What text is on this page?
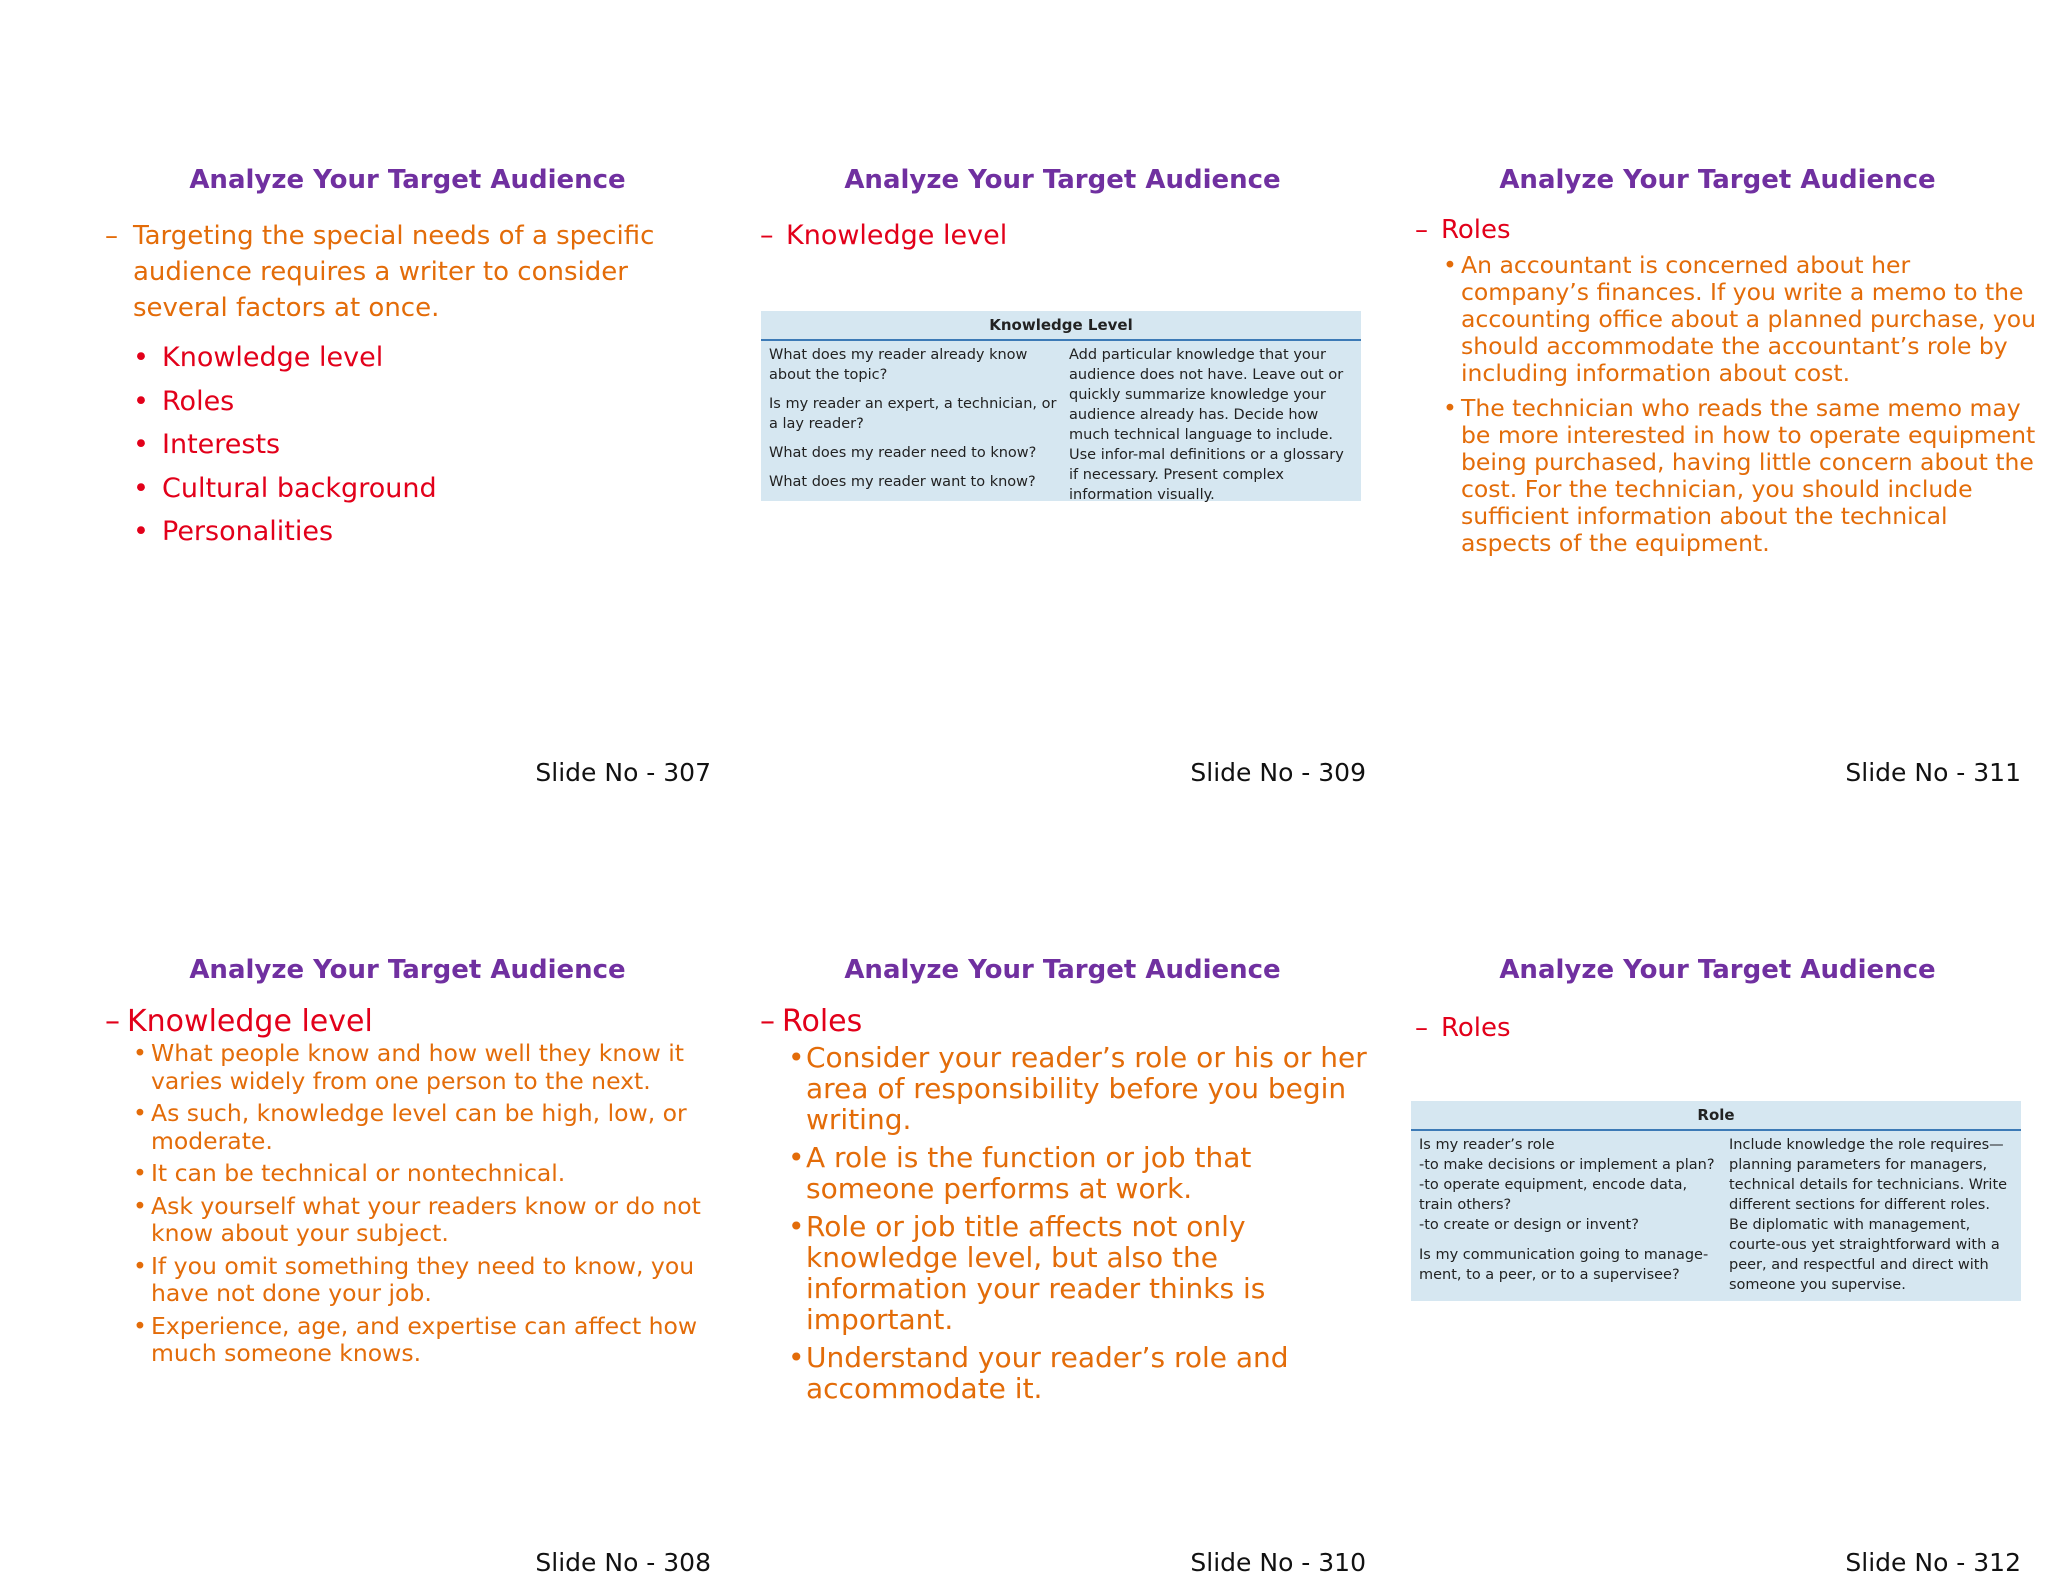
Analyze Your Target Audience
– Targeting the special needs of a specific audience requires a writer to consider several factors at once.
• Knowledge level
• Roles
• Interests
• Cultural background
• Personalities
Slide No - 307
Analyze Your Target Audience
– Knowledge level
Knowledge Level

What does my reader already know about the topic?

Is my reader an expert, a technician, or a lay reader?

What does my reader need to know?

What does my reader want to know?

Add particular knowledge that your audience does not have. Leave out or quickly summarize knowledge your audience already has. Decide how much technical language to include. Use infor-mal definitions or a glossary if necessary. Present complex information visually.

Slide No - 309
Analyze Your Target Audience
– Roles
• An accountant is concerned about her company’s finances. If you write a memo to the accounting office about a planned purchase, you should accommodate the accountant’s role by including information about cost.
• The technician who reads the same memo may be more interested in how to operate equipment being purchased, having little concern about the cost. For the technician, you should include sufficient information about the technical aspects of the equipment.
Slide No - 311
Analyze Your Target Audience
– Knowledge level
• What people know and how well they know it varies widely from one person to the next.
• As such, knowledge level can be high, low, or moderate.
• It can be technical or nontechnical.
• Ask yourself what your readers know or do not know about your subject.
• If you omit something they need to know, you have not done your job.
• Experience, age, and expertise can affect how much someone knows.
Slide No - 308
Analyze Your Target Audience
– Roles
• Consider your reader’s role or his or her area of responsibility before you begin writing.
• A role is the function or job that someone performs at work.
• Role or job title affects not only knowledge level, but also the information your reader thinks is important.
• Understand your reader’s role and accommodate it.
Slide No - 310
Analyze Your Target Audience
– Roles
Role

Is my reader’s role
-to make decisions or implement a plan?
-to operate equipment, encode data,
train others?
-to create or design or invent?

Is my communication going to manage-ment, to a peer, or to a supervisee?

Include knowledge the role requires—planning parameters for managers, technical details for technicians. Write different sections for different roles. Be diplomatic with management, courte-ous yet straightforward with a peer, and respectful and direct with someone you supervise.

Slide No - 312
